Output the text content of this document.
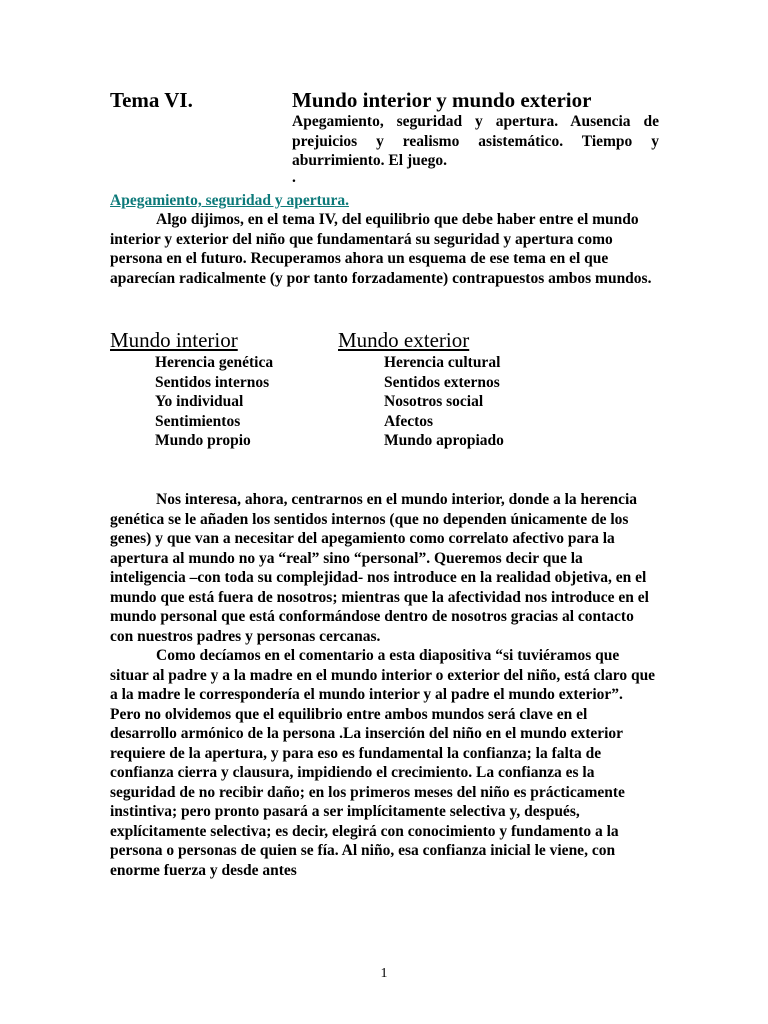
Tema VI.	Mundo interior y mundo exterior
Apegamiento, seguridad y apertura. Ausencia de prejuicios y realismo asistemático. Tiempo y aburrimiento. El juego.
.
Apegamiento, seguridad y apertura.

Algo dijimos, en el tema IV, del equilibrio que debe haber entre el mundo interior y exterior del niño que fundamentará su seguridad y apertura como persona en el futuro. Recuperamos ahora un esquema de ese tema en el que aparecían radicalmente (y por tanto forzadamente) contrapuestos ambos mundos.

Mundo interior	Mundo exterior
Herencia genética
Sentidos internos
Yo individual
Sentimientos
Mundo propio
Herencia cultural
Sentidos externos
Nosotros social
Afectos
Mundo apropiado

Nos interesa, ahora, centrarnos en el mundo interior, donde a la herencia genética se le añaden los sentidos internos (que no dependen únicamente de los genes) y que van a necesitar del apegamiento como correlato afectivo para la apertura al mundo no ya “real” sino “personal”. Queremos decir que la inteligencia –con toda su complejidad- nos introduce en la realidad objetiva, en el mundo que está fuera de nosotros; mientras que la afectividad nos introduce en el mundo personal que está conformándose dentro de nosotros gracias al contacto con nuestros padres y personas cercanas.

Como decíamos en el comentario a esta diapositiva “si tuviéramos que situar al padre y a la madre en el mundo interior o exterior del niño, está claro que a la madre le correspondería el mundo interior y al padre el mundo exterior”. Pero no olvidemos que el equilibrio entre ambos mundos será clave en el desarrollo armónico de la persona .La inserción del niño en el mundo exterior requiere de la apertura, y para eso es fundamental la confianza; la falta de confianza cierra y clausura, impidiendo el crecimiento. La confianza es la seguridad de no recibir daño; en los primeros meses del niño es prácticamente instintiva; pero pronto pasará a ser implícitamente selectiva y, después, explícitamente selectiva; es decir, elegirá con conocimiento y fundamento a la persona o personas de quien se fía. Al niño, esa confianza inicial le viene, con enorme fuerza y desde antes

1
